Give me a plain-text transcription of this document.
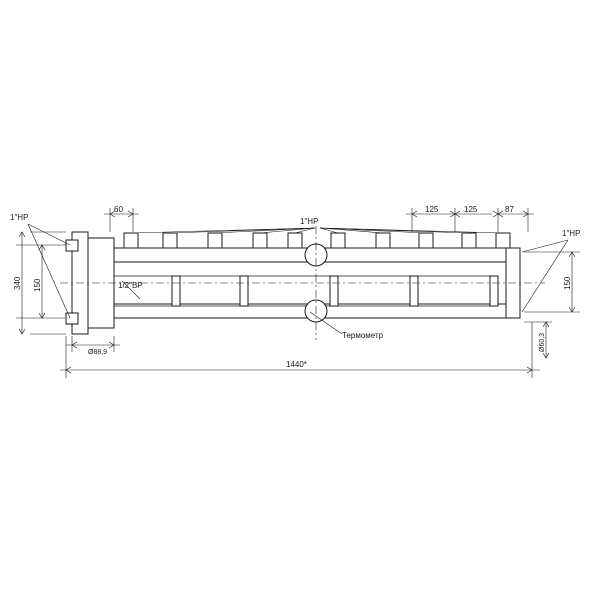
1"НР
1/2"ВР
1"НР
1"НР
Термометр
340 150	150
60	125	125	87
Ø88,9
Ø60,3
1440*
